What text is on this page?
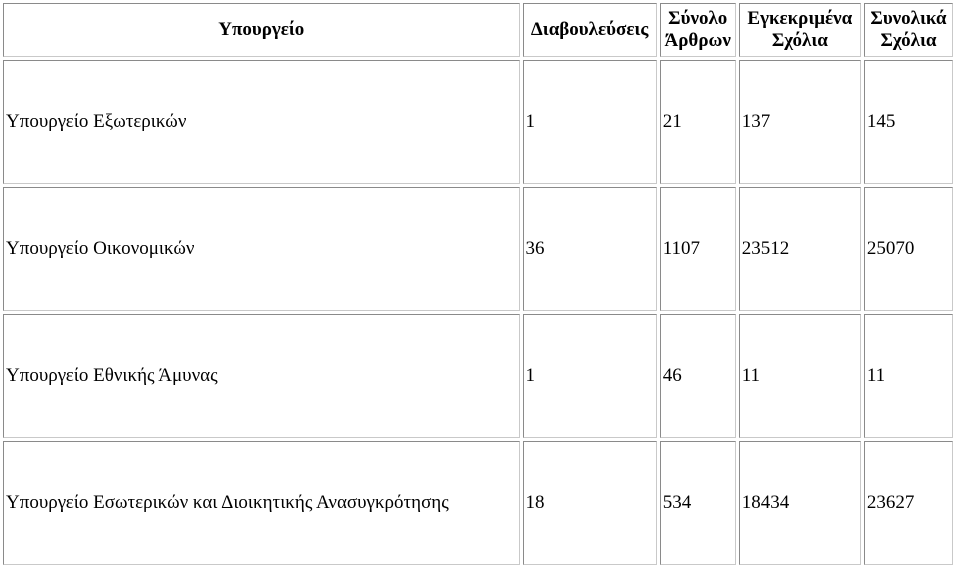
Υπουργείο	Διαβουλεύσεις	Σύνολο Άρθρων	Εγκεκριμένα Σχόλια	Συνολικά Σχόλια
Υπουργείο Εξωτερικών	1	21	137	145
Υπουργείο Οικονομικών	36	1107	23512	25070
Υπουργείο Εθνικής Άμυνας	1	46	11	11
Υπουργείο Εσωτερικών και Διοικητικής Ανασυγκρότησης	18	534	18434	23627
